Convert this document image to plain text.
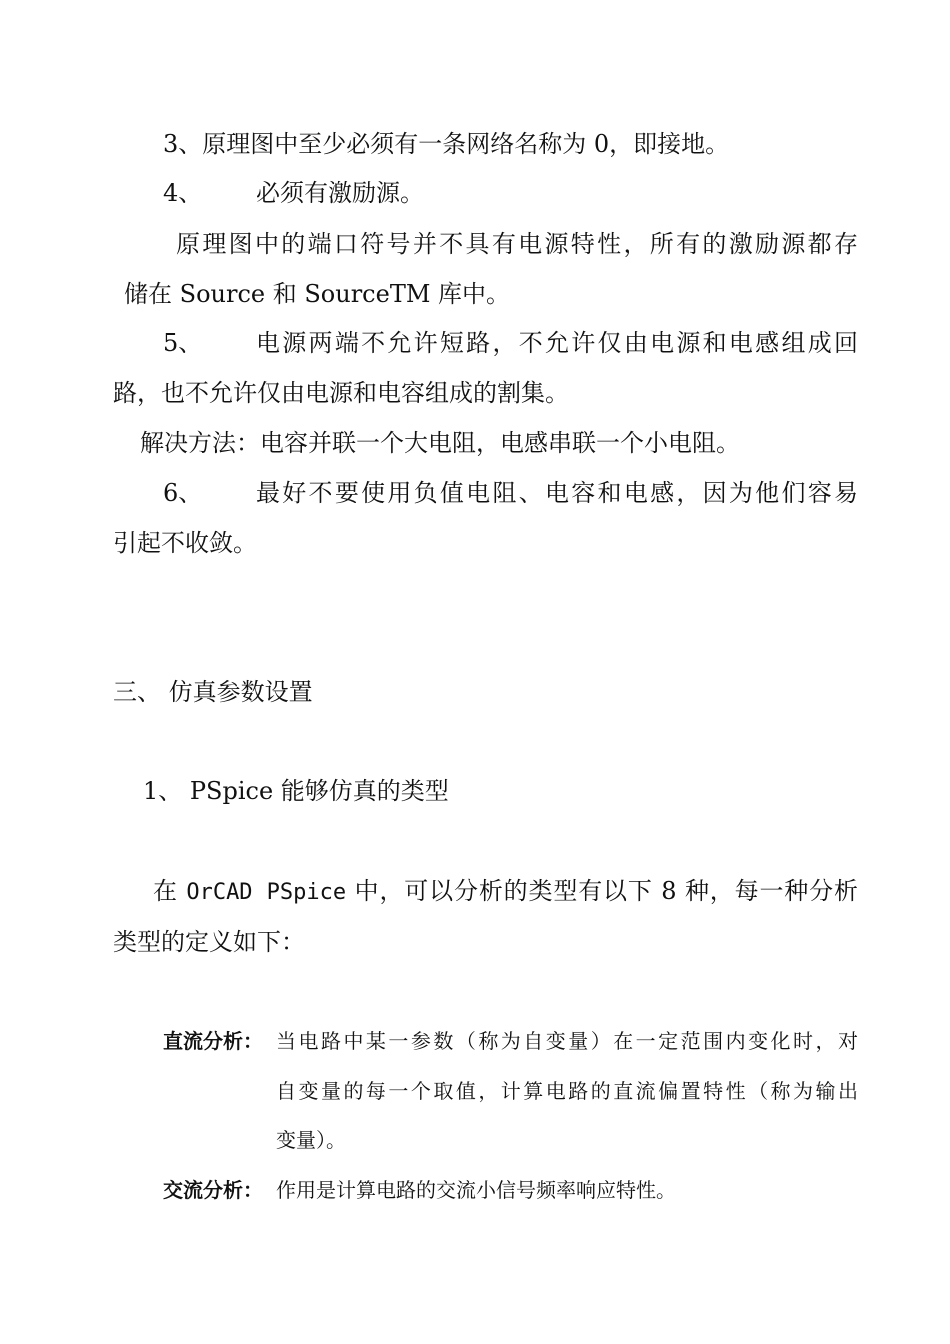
3、原理图中至少必须有一条网络名称为 0，即接地。
4、 必须有激励源。
原理图中的端口符号并不具有电源特性，所有的激励源都存
储在 Source 和 SourceTM 库中。
5、 电源两端不允许短路，不允许仅由电源和电感组成回
路，也不允许仅由电源和电容组成的割集。
解决方法：电容并联一个大电阻，电感串联一个小电阻。
6、 最好不要使用负值电阻、电容和电感，因为他们容易
引起不收敛。
三、 仿真参数设置
1、 PSpice 能够仿真的类型
在 OrCAD PSpice 中，可以分析的类型有以下 8 种，每一种分析
类型的定义如下：
直流分析： 当电路中某一参数（称为自变量）在一定范围内变化时，对
自变量的每一个取值，计算电路的直流偏置特性（称为输出
变量）。
交流分析： 作用是计算电路的交流小信号频率响应特性。
